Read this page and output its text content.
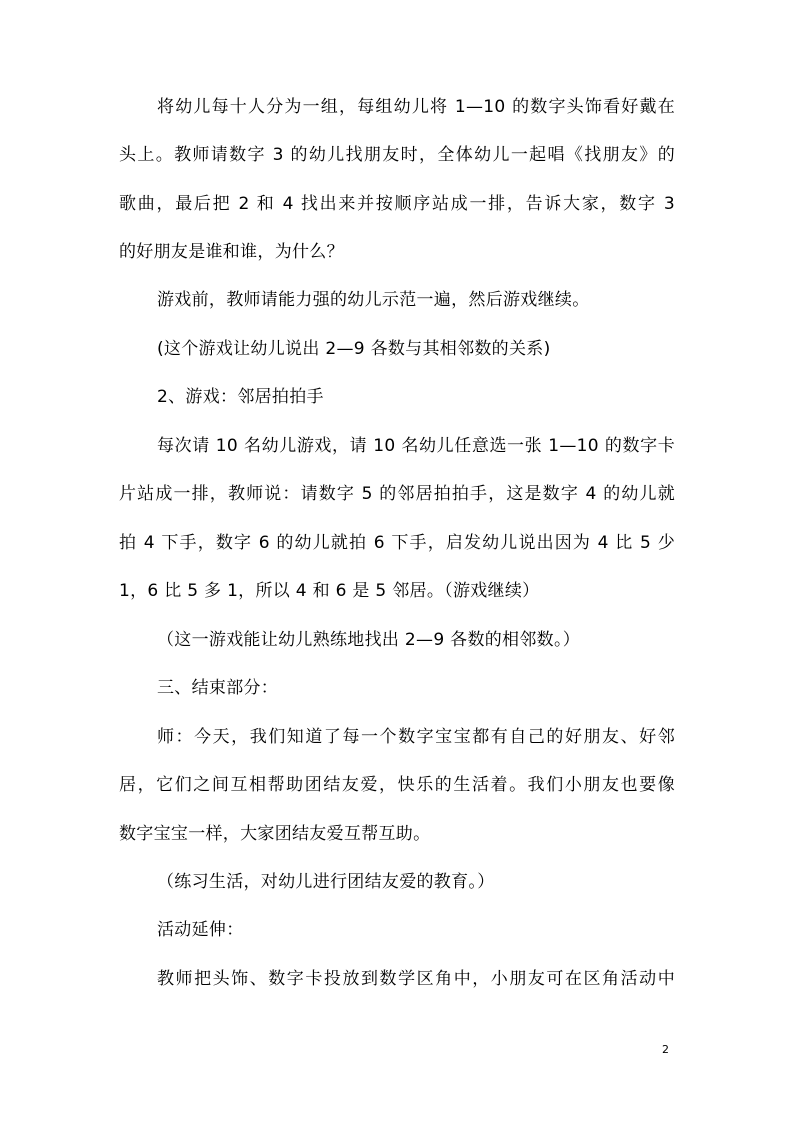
将幼儿每十人分为一组，每组幼儿将 1—10 的数字头饰看好戴在
头上。教师请数字 3 的幼儿找朋友时，全体幼儿一起唱《找朋友》的
歌曲，最后把 2 和 4 找出来并按顺序站成一排，告诉大家，数字 3
的好朋友是谁和谁，为什么？
游戏前，教师请能力强的幼儿示范一遍，然后游戏继续。
(这个游戏让幼儿说出 2—9 各数与其相邻数的关系)
2、游戏：邻居拍拍手
每次请 10 名幼儿游戏，请 10 名幼儿任意选一张 1—10 的数字卡
片站成一排，教师说：请数字 5 的邻居拍拍手，这是数字 4 的幼儿就
拍 4 下手，数字 6 的幼儿就拍 6 下手，启发幼儿说出因为 4 比 5 少
1，6 比 5 多 1，所以 4 和 6 是 5 邻居。（游戏继续）
（这一游戏能让幼儿熟练地找出 2—9 各数的相邻数。）
三、结束部分：
师：今天，我们知道了每一个数字宝宝都有自己的好朋友、好邻
居，它们之间互相帮助团结友爱，快乐的生活着。我们小朋友也要像
数字宝宝一样，大家团结友爱互帮互助。
（练习生活，对幼儿进行团结友爱的教育。）
活动延伸：
教师把头饰、数字卡投放到数学区角中，小朋友可在区角活动中
2
